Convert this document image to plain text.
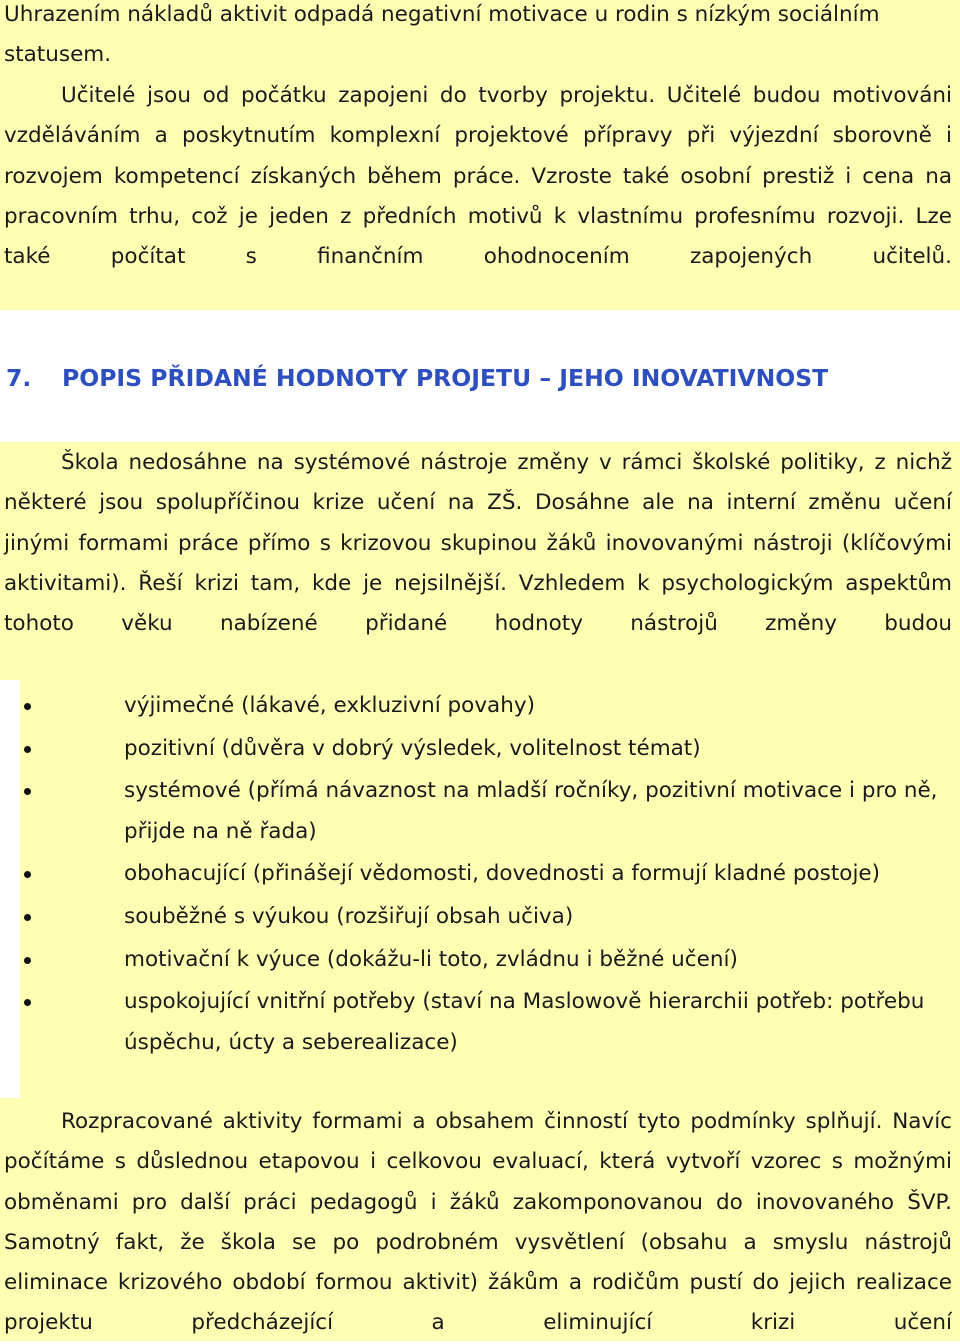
Uhrazením nákladů aktivit odpadá negativní motivace u rodin s nízkým sociálním
statusem.
Učitelé jsou od počátku zapojeni do tvorby projektu. Učitelé budou motivováni vzděláváním a poskytnutím komplexní projektové přípravy při výjezdní sborovně i rozvojem kompetencí získaných během práce. Vzroste také osobní prestiž i cena na pracovním trhu, což je jeden z předních motivů k vlastnímu profesnímu rozvoji. Lze také počítat s finančním ohodnocením zapojených učitelů.
7. POPIS PŘIDANÉ HODNOTY PROJETU – JEHO INOVATIVNOST
Škola nedosáhne na systémové nástroje změny v rámci školské politiky, z nichž některé jsou spolupříčinou krize učení na ZŠ. Dosáhne ale na interní změnu učení jinými formami práce přímo s krizovou skupinou žáků inovovanými nástroji (klíčovými aktivitami). Řeší krizi tam, kde je nejsilnější. Vzhledem k psychologickým aspektům tohoto věku nabízené přidané hodnoty nástrojů změny budou
výjimečné (lákavé, exkluzivní povahy)
pozitivní (důvěra v dobrý výsledek, volitelnost témat)
systémové (přímá návaznost na mladší ročníky, pozitivní motivace i pro ně, přijde na ně řada)
obohacující (přinášejí vědomosti, dovednosti a formují kladné postoje)
souběžné s výukou (rozšiřují obsah učiva)
motivační k výuce (dokážu-li toto, zvládnu i běžné učení)
uspokojující vnitřní potřeby (staví na Maslowově hierarchii potřeb: potřebu úspěchu, úcty a seberealizace)
Rozpracované aktivity formami a obsahem činností tyto podmínky splňují. Navíc počítáme s důslednou etapovou i celkovou evaluací, která vytvoří vzorec s možnými obměnami pro další práci pedagogů i žáků zakomponovanou do inovovaného ŠVP. Samotný fakt, že škola se po podrobném vysvětlení (obsahu a smyslu nástrojů eliminace krizového období formou aktivit) žákům a rodičům pustí do jejich realizace projektu předcházející a eliminující krizi učení
